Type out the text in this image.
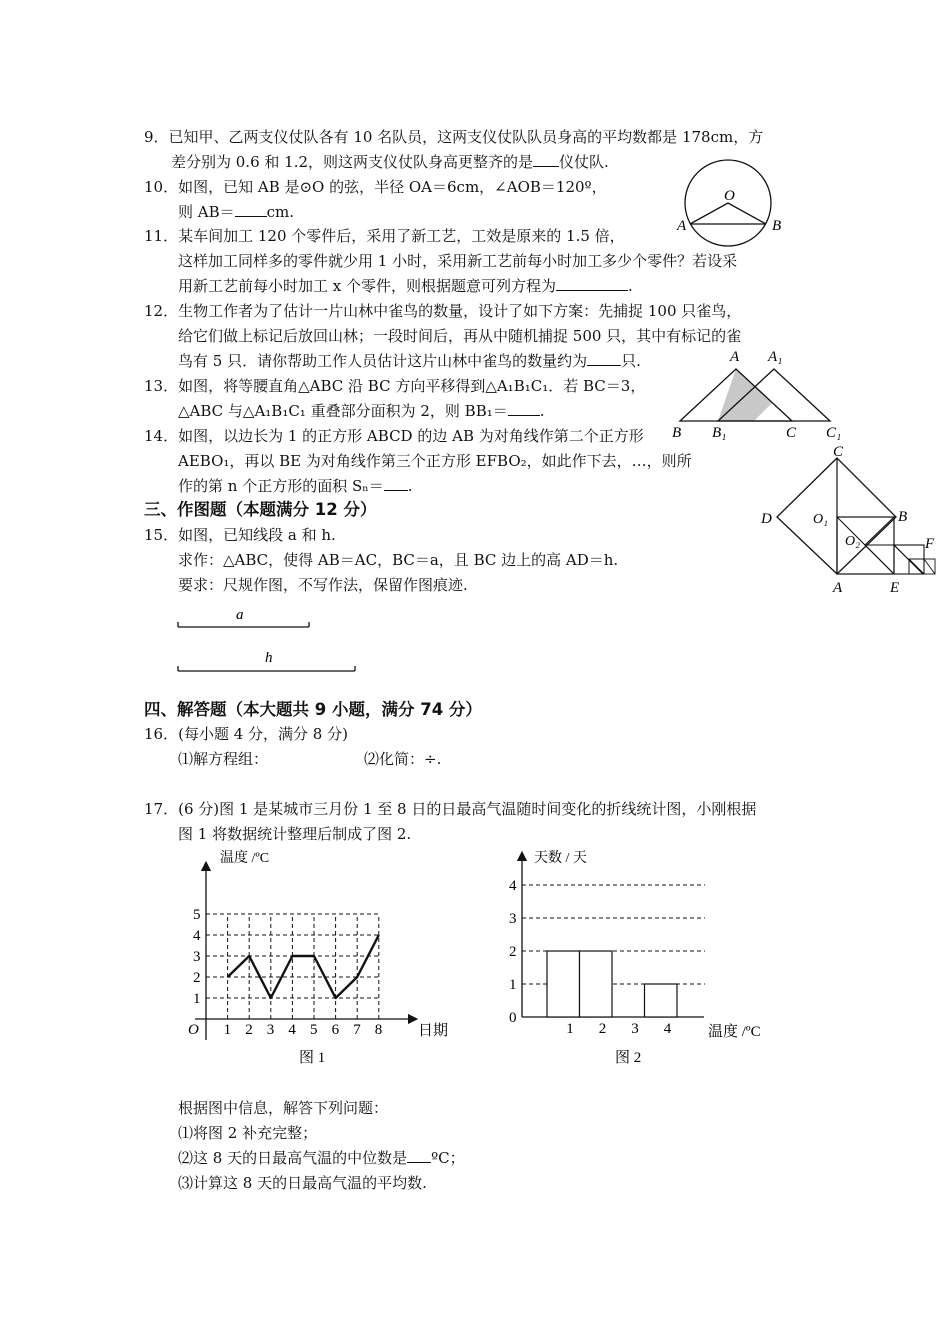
9．已知甲、乙两支仪仗队各有 10 名队员，这两支仪仗队队员身高的平均数都是 178cm，方
差分别为 0.6 和 1.2，则这两支仪仗队身高更整齐的是 仪仗队.
10．如图，已知 AB 是⊙O 的弦，半径 OA＝6cm，∠AOB＝120º，
则 AB＝ cm.
O
A	B
11．某车间加工 120 个零件后，采用了新工艺，工效是原来的 1.5 倍，
这样加工同样多的零件就少用 1 小时，采用新工艺前每小时加工多少个零件？若设采
用新工艺前每小时加工 x 个零件，则根据题意可列方程为	.
12．生物工作者为了估计一片山林中雀鸟的数量，设计了如下方案：先捕捉 100 只雀鸟，
给它们做上标记后放回山林；一段时间后，再从中随机捕捉 500 只，其中有标记的雀
鸟有 5 只．请你帮助工作人员估计这片山林中雀鸟的数量约为 只.
13．如图，将等腰直角△ABC 沿 BC 方向平移得到△A₁B₁C₁．若 BC＝3，
△ABC 与△A₁B₁C₁ 重叠部分面积为 2，则 BB₁＝ .
A A₁
B B₁	C C₁
14．如图，以边长为 1 的正方形 ABCD 的边 AB 为对角线作第二个正方形
AEBO₁，再以 BE 为对角线作第三个正方形 EFBO₂，如此作下去，…，则所
作的第 n 个正方形的面积 Sₙ＝ .
C
D	O₁	B
O₂	F
A	E
三、作图题（本题满分 12 分）
15．如图，已知线段 a 和 h.
求作：△ABC，使得 AB＝AC，BC＝a，且 BC 边上的高 AD＝h.
要求：尺规作图，不写作法，保留作图痕迹.
a
h
四、解答题（本大题共 9 小题，满分 74 分）
16．(每小题 4 分，满分 8 分)
⑴解方程组：	⑵化简：÷.
17．(6 分)图 1 是某城市三月份 1 至 8 日的日最高气温随时间变化的折线统计图，小刚根据
图 1 将数据统计整理后制成了图 2.
温度 /ºC
日期
O
1
2
3
4
5
1 2 3 4 5 6 7 8
图 1
天数 / 天
温度 /ºC
0
1
2
3
4
1 2 3 4
图 2
根据图中信息，解答下列问题：
⑴将图 2 补充完整；
⑵这 8 天的日最高气温的中位数是 ºC；
⑶计算这 8 天的日最高气温的平均数.
